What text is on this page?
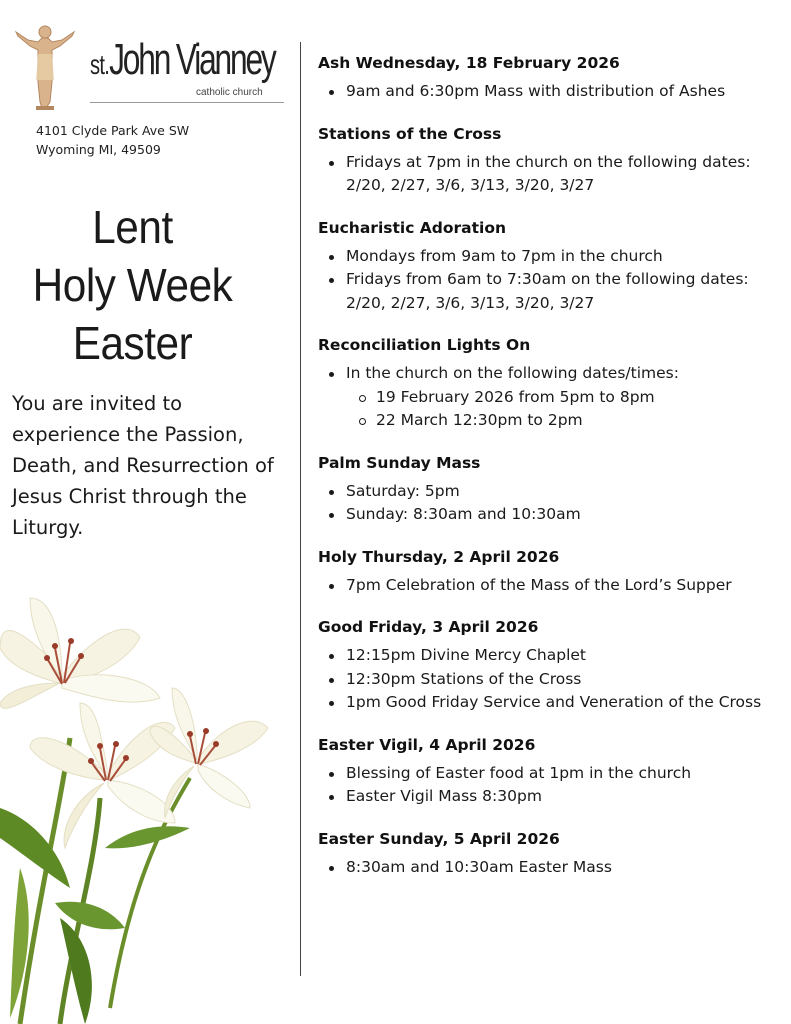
st.John Vianney
catholic church
4101 Clyde Park Ave SW
Wyoming MI, 49509
Lent
Holy Week
Easter
You are invited to experience the Passion, Death, and Resurrection of Jesus Christ through the Liturgy.
Ash Wednesday, 18 February 2026
9am and 6:30pm Mass with distribution of Ashes
Stations of the Cross
Fridays at 7pm in the church on the following dates: 2/20, 2/27, 3/6, 3/13, 3/20, 3/27
Eucharistic Adoration
Mondays from 9am to 7pm in the church
Fridays from 6am to 7:30am on the following dates: 2/20, 2/27, 3/6, 3/13, 3/20, 3/27
Reconciliation Lights On
In the church on the following dates/times:
19 February 2026 from 5pm to 8pm
22 March 12:30pm to 2pm
Palm Sunday Mass
Saturday: 5pm
Sunday: 8:30am and 10:30am
Holy Thursday, 2 April 2026
7pm Celebration of the Mass of the Lord’s Supper
Good Friday, 3 April 2026
12:15pm Divine Mercy Chaplet
12:30pm Stations of the Cross
1pm Good Friday Service and Veneration of the Cross
Easter Vigil, 4 April 2026
Blessing of Easter food at 1pm in the church
Easter Vigil Mass 8:30pm
Easter Sunday, 5 April 2026
8:30am and 10:30am Easter Mass
